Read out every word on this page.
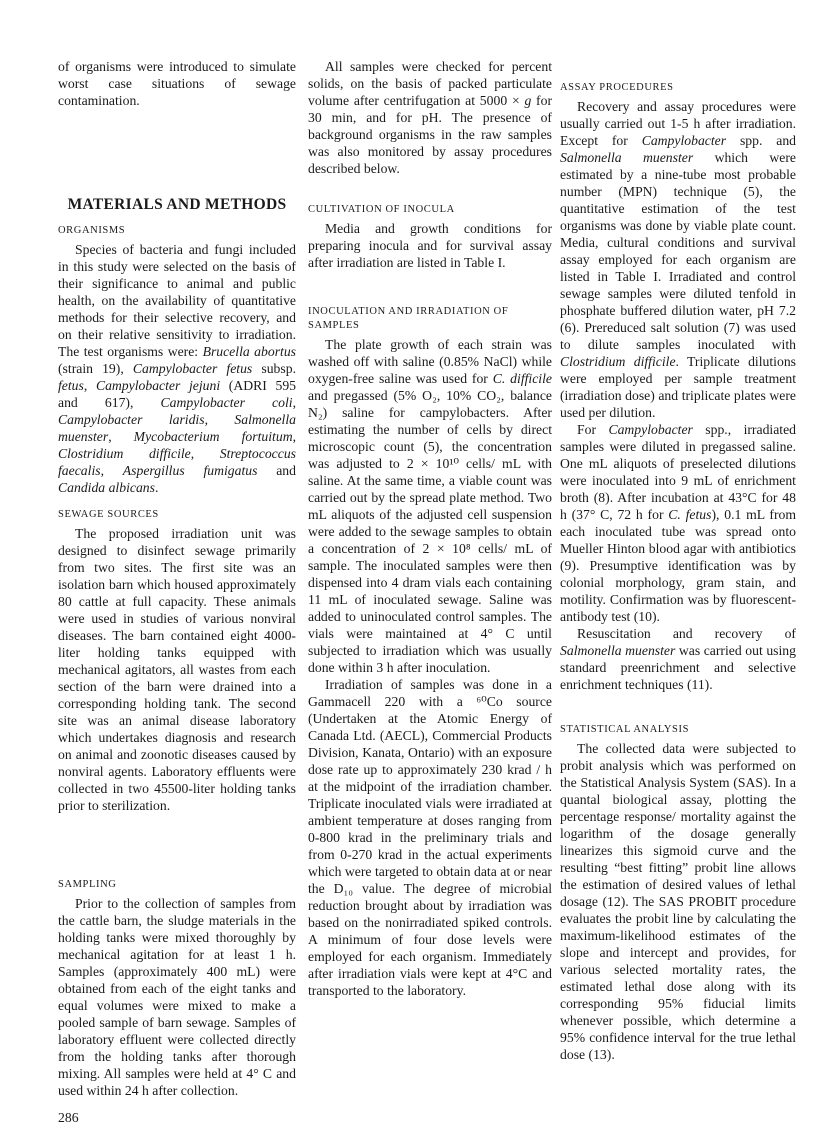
of organisms were introduced to simulate worst case situations of sewage contamination.

MATERIALS AND METHODS
ORGANISMS

Species of bacteria and fungi included in this study were selected on the basis of their significance to animal and public health, on the availability of quantitative methods for their selective recovery, and on their relative sensitivity to irradiation. The test organisms were: Brucella abortus (strain 19), Campylobacter fetus subsp. fetus, Campylobacter jejuni (ADRI 595 and 617), Campylobacter coli, Campylobacter laridis, Salmonella muenster, Mycobacterium fortuitum, Clostridium difficile, Streptococcus faecalis, Aspergillus fumigatus and Candida albicans.

SEWAGE SOURCES

The proposed irradiation unit was designed to disinfect sewage primarily from two sites. The first site was an isolation barn which housed approximately 80 cattle at full capacity. These animals were used in studies of various nonviral diseases. The barn contained eight 4000-liter holding tanks equipped with mechanical agitators, all wastes from each section of the barn were drained into a corresponding holding tank. The second site was an animal disease laboratory which undertakes diagnosis and research on animal and zoonotic diseases caused by nonviral agents. Laboratory effluents were collected in two 45500-liter holding tanks prior to sterilization.

SAMPLING

Prior to the collection of samples from the cattle barn, the sludge materials in the holding tanks were mixed thoroughly by mechanical agitation for at least 1 h. Samples (approximately 400 mL) were obtained from each of the eight tanks and equal volumes were mixed to make a pooled sample of barn sewage. Samples of laboratory effluent were collected directly from the holding tanks after thorough mixing. All samples were held at 4° C and used within 24 h after collection.

286

All samples were checked for percent solids, on the basis of packed particulate volume after centrifugation at 5000 × g for 30 min, and for pH. The presence of background organisms in the raw samples was also monitored by assay procedures described below.

CULTIVATION OF INOCULA

Media and growth conditions for preparing inocula and for survival assay after irradiation are listed in Table I.

INOCULATION AND IRRADIATION OF SAMPLES

The plate growth of each strain was washed off with saline (0.85% NaCl) while oxygen-free saline was used for C. difficile and pregassed (5% O₂, 10% CO₂, balance N₂) saline for campylobacters. After estimating the number of cells by direct microscopic count (5), the concentration was adjusted to 2 × 10¹⁰ cells/ mL with saline. At the same time, a viable count was carried out by the spread plate method. Two mL aliquots of the adjusted cell suspension were added to the sewage samples to obtain a concentration of 2 × 10⁸ cells/ mL of sample. The inoculated samples were then dispensed into 4 dram vials each containing 11 mL of inoculated sewage. Saline was added to uninoculated control samples. The vials were maintained at 4° C until subjected to irradiation which was usually done within 3 h after inoculation.

Irradiation of samples was done in a Gammacell 220 with a ⁶⁰Co source (Undertaken at the Atomic Energy of Canada Ltd. (AECL), Commercial Products Division, Kanata, Ontario) with an exposure dose rate up to approximately 230 krad / h at the midpoint of the irradiation chamber. Triplicate inoculated vials were irradiated at ambient temperature at doses ranging from 0-800 krad in the preliminary trials and from 0-270 krad in the actual experiments which were targeted to obtain data at or near the D₁₀ value. The degree of microbial reduction brought about by irradiation was based on the nonirradiated spiked controls. A minimum of four dose levels were employed for each organism. Immediately after irradiation vials were kept at 4°C and transported to the laboratory.

ASSAY PROCEDURES

Recovery and assay procedures were usually carried out 1-5 h after irradiation. Except for Campylobacter spp. and Salmonella muenster which were estimated by a nine-tube most probable number (MPN) technique (5), the quantitative estimation of the test organisms was done by viable plate count. Media, cultural conditions and survival assay employed for each organism are listed in Table I. Irradiated and control sewage samples were diluted tenfold in phosphate buffered dilution water, pH 7.2 (6). Prereduced salt solution (7) was used to dilute samples inoculated with Clostridium difficile. Triplicate dilutions were employed per sample treatment (irradiation dose) and triplicate plates were used per dilution.

For Campylobacter spp., irradiated samples were diluted in pregassed saline. One mL aliquots of preselected dilutions were inoculated into 9 mL of enrichment broth (8). After incubation at 43°C for 48 h (37° C, 72 h for C. fetus), 0.1 mL from each inoculated tube was spread onto Mueller Hinton blood agar with antibiotics (9). Presumptive identification was by colonial morphology, gram stain, and motility. Confirmation was by fluorescent-antibody test (10).

Resuscitation and recovery of Salmonella muenster was carried out using standard preenrichment and selective enrichment techniques (11).

STATISTICAL ANALYSIS

The collected data were subjected to probit analysis which was performed on the Statistical Analysis System (SAS). In a quantal biological assay, plotting the percentage response/ mortality against the logarithm of the dosage generally linearizes this sigmoid curve and the resulting “best fitting” probit line allows the estimation of desired values of lethal dosage (12). The SAS PROBIT procedure evaluates the probit line by calculating the maximum-likelihood estimates of the slope and intercept and provides, for various selected mortality rates, the estimated lethal dose along with its corresponding 95% fiducial limits whenever possible, which determine a 95% confidence interval for the true lethal dose (13).
